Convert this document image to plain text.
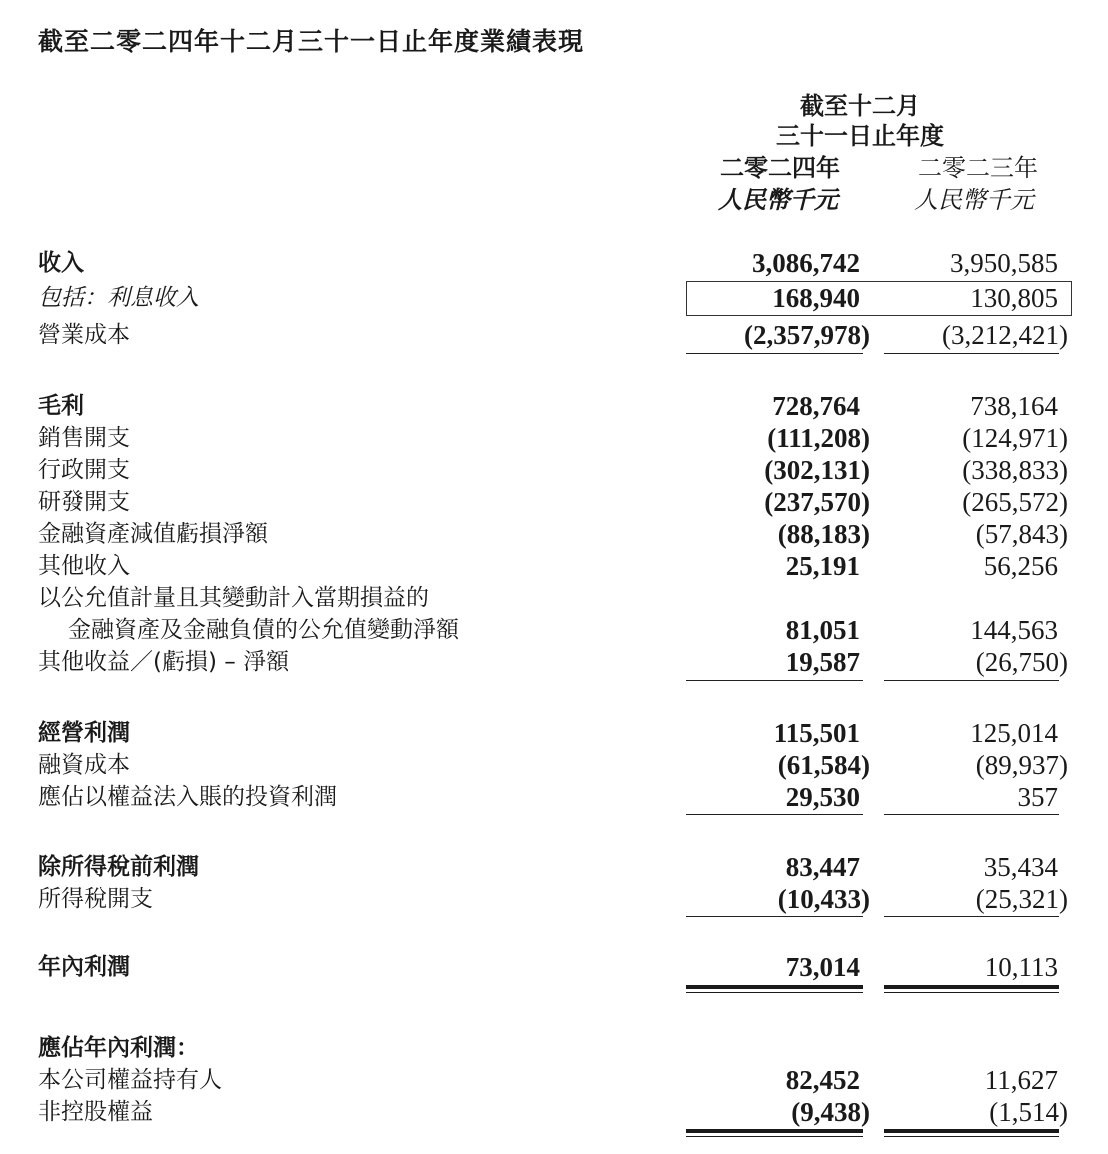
截至二零二四年十二月三十一日止年度業績表現
截至十二月
三十一日止年度
二零二四年	二零二三年
人民幣千元	人民幣千元
收入	3,086,742	3,950,585
包括：利息收入	168,940	130,805
營業成本	(2,357,978)	(3,212,421)
毛利	728,764	738,164
銷售開支	(111,208)	(124,971)
行政開支	(302,131)	(338,833)
研發開支	(237,570)	(265,572)
金融資產減值虧損淨額	(88,183)	(57,843)
其他收入	25,191	56,256
以公允值計量且其變動計入當期損益的
金融資產及金融負債的公允值變動淨額	81,051	144,563
其他收益／(虧損) – 淨額	19,587	(26,750)
經營利潤	115,501	125,014
融資成本	(61,584)	(89,937)
應佔以權益法入賬的投資利潤	29,530	357
除所得稅前利潤	83,447	35,434
所得稅開支	(10,433)	(25,321)
年內利潤	73,014	10,113
應佔年內利潤：
本公司權益持有人	82,452	11,627
非控股權益	(9,438)	(1,514)
